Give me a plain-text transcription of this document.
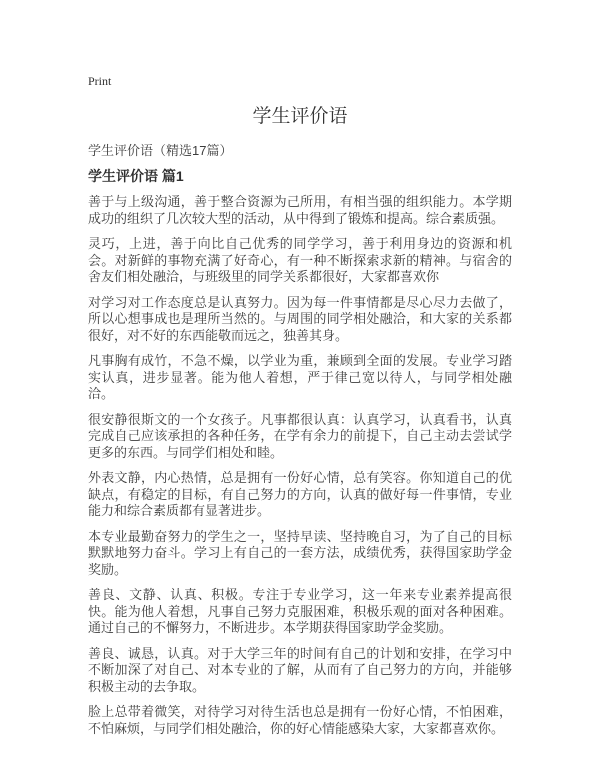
Print
学生评价语
学生评价语（精选17篇）
学生评价语 篇1

善于与上级沟通，善于整合资源为己所用，有相当强的组织能力。本学期成功的组织了几次较大型的活动，从中得到了锻炼和提高。综合素质强。

灵巧，上进，善于向比自己优秀的同学学习，善于利用身边的资源和机会。对新鲜的事物充满了好奇心，有一种不断探索求新的精神。与宿舍的舍友们相处融洽，与班级里的同学关系都很好，大家都喜欢你

对学习对工作态度总是认真努力。因为每一件事情都是尽心尽力去做了，所以心想事成也是理所当然的。与周围的同学相处融洽，和大家的关系都很好，对不好的东西能敬而远之，独善其身。

凡事胸有成竹，不急不燥，以学业为重，兼顾到全面的发展。专业学习踏实认真，进步显著。能为他人着想，严于律己宽以待人，与同学相处融洽。

很安静很斯文的一个女孩子。凡事都很认真：认真学习，认真看书，认真完成自己应该承担的各种任务，在学有余力的前提下，自己主动去尝试学更多的东西。与同学们相处和睦。

外表文静，内心热情，总是拥有一份好心情，总有笑容。你知道自己的优缺点，有稳定的目标，有自己努力的方向，认真的做好每一件事情，专业能力和综合素质都有显著进步。

本专业最勤奋努力的学生之一，坚持早读、坚持晚自习，为了自己的目标默默地努力奋斗。学习上有自己的一套方法，成绩优秀，获得国家助学金奖励。

善良、文静、认真、积极。专注于专业学习，这一年来专业素养提高很快。能为他人着想，凡事自己努力克服困难，积极乐观的面对各种困难。通过自己的不懈努力，不断进步。本学期获得国家助学金奖励。

善良、诚恳，认真。对于大学三年的时间有自己的计划和安排，在学习中不断加深了对自己、对本专业的了解，从而有了自己努力的方向，并能够积极主动的去争取。

脸上总带着微笑，对待学习对待生活也总是拥有一份好心情，不怕困难，不怕麻烦，与同学们相处融洽，你的好心情能感染大家，大家都喜欢你。
